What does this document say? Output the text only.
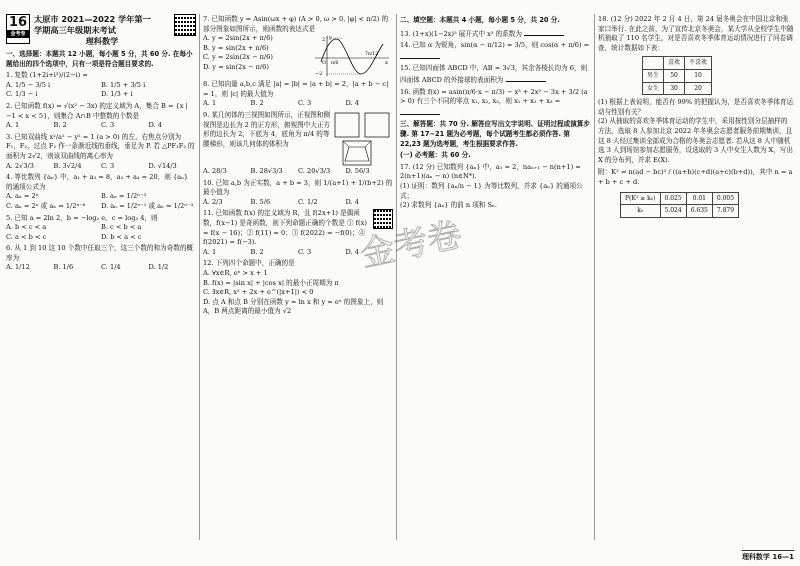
16
金考卷
太原市 2021—2022 学年第一
学期高三年级期末考试
理科数学
一、选择题：本题共 12 小题，每小题 5 分，共 60 分. 在每小题给出的四个选项中，只有一项是符合题目要求的.
1. 复数 (1+2i+i³)/(2−i) =
A. 1/5 − 3/5 i	B. 1/5 + 3/5 i
C. 1/3 − i	D. 1/3 + i
2. 已知函数 f(x) = √(x² − 3x) 的定义域为 A，集合 B = {x | −1 < x < 5}，则集合 A∩B 中整数的个数是
A. 1	B. 2	C. 3	D. 4
3. 已知双曲线 x²/a² − y² = 1 (a > 0) 的左、右焦点分别为 F₁，F₂，过点 F₂ 作一条渐近线的垂线，垂足为 P. 若 △PF₁F₂ 的面积为 2√2，则该双曲线的离心率为
A. 2√3/3	B. 3√2/4	C. 3	D. √14/3
4. 等比数列 {aₙ} 中，a₁ + a₃ = 8，a₂ + a₄ = 20，则 {aₙ} 的通项公式为
A. aₙ = 2ⁿ	B. aₙ = 1/2ⁿ⁻³
C. aₙ = 2ⁿ 或 aₙ = 1/2ⁿ⁻⁶	D. aₙ = 1/2ⁿ⁻¹ 或 aₙ = 1/2ⁿ⁻³
5. 已知 a = 2ln 2，b = −log₂ e，c = log₃ 4，则
A. b < c < a	B. c < b < a
C. a < b < c	D. b < a < c
6. 从 1 到 10 这 10 个数中任取三个，这三个数的和为奇数的概率为
A. 1/12	B. 1/6	C. 1/4	D. 1/2
7. 已知函数 y = Asin(ωx + φ) (A > 0, ω > 0, |φ| < π/2) 的部分图象如图所示，则函数的表达式是
A. y = 2sin(2x + π/6)
B. y = sin(2x + π/6)
C. y = 2sin(2x − π/6)
D. y = sin(2x − π/6)
2
−2
O π/6
7π/12
x
y
8. 已知向量 a,b,c 满足 |a| = |b| = |a + b| = 2，|a + b − c| = 1，则 |c| 的最大值为
A. 1	B. 2	C. 3	D. 4
9. 某几何体的三视图如图所示，正视图和侧视图是边长为 2 的正方形，俯视图中大正方形的边长为 2，下底为 4，底角为 π/4 的等腰梯形，则该几何体的体积为
A. 28/3	B. 28√3/3	C. 20√3/3	D. 56/3
10. 已知 a,b 为正实数，a + b = 3，则 1/(a+1) + 1/(b+2) 的最小值为
A. 2/3	B. 5/6	C. 1/2	D. 4
11. 已知函数 f(x) 的定义域为 R，且 f(2x+1) 是偶函数，f(x−1) 是奇函数，则下列命题正确的个数是 ① f(x) = f(x − 16)；② f(11) = 0；③ f(2022) = −f(0)；④ f(2021) = f(−3).
A. 1	B. 2	C. 3	D. 4
12. 下列四个命题中，正确的是
A. ∀x∈R, eˣ > x + 1
B. f(x) = |sin x| + |cos x| 的最小正周期为 π
C. ∃x∈R, x² + 2x + e^(|x+1|) < 0
D. 点 A 和点 B 分别在函数 y = ln x 和 y = eˣ 的图象上，则 A，B 两点距离的最小值为 √2
二、填空题：本题共 4 小题，每小题 5 分，共 20 分.
13. (1+x)(1−2x)⁵ 展开式中 x³ 的系数为
14. 已知 α 为锐角，sin(α − π/12) = 3/5，则 cos(α + π/6) =
15. 已知四面体 ABCD 中，AB = 3√3，其余各棱长均为 6，则四面体 ABCD 的外接球的表面积为
16. 函数 f(x) = asin(π/6·x − π/3) − x³ + 2x² − 3x + 3/2 (a > 0) 有三个不同的零点 x₁, x₂, x₃，则 x₁ + x₂ + x₃ =
三、解答题：共 70 分. 解答应写出文字说明、证明过程或演算步骤. 第 17~21 题为必考题，每个试题考生都必须作答. 第 22,23 题为选考题，考生根据要求作答.
(一) 必考题：共 60 分.
17. (12 分) 已知数列 {aₙ} 中，a₁ = 2，naₙ₊₁ − n(n+1) = 2(n+1)(aₙ − n) (n∈N*).
(1) 证明：数列 {aₙ/n − 1} 为等比数列，并求 {aₙ} 的通项公式；
(2) 求数列 {aₙ} 的前 n 项和 Sₙ.
18. (12 分) 2022 年 2 月 4 日，第 24 届冬奥会在中国北京和张家口举行. 在此之前，为了宣传北京冬奥会，某大学从全校学生中随机抽取了 110 名学生，对是否喜欢冬季体育运动情况进行了问卷调查，统计数据如下表：
	喜欢	不喜欢
男生	50	10
女生	30	20
(1) 根据上表说明，能否有 99% 的把握认为，是否喜欢冬季体育运动与性别有关？
(2) 从抽取的喜欢冬季体育运动的学生中，采用按性别分层抽样的方法，选取 8 人参加北京 2022 年冬奥会志愿者服务前期集训，且这 8 人经过集训全部成为合格的冬奥会志愿者. 若从这 8 人中随机选 3 人到场馆参加志愿服务，设选取的 3 人中女生人数为 X，写出 X 的分布列，并求 E(X).
附：K² = n(ad − bc)² / ((a+b)(c+d)(a+c)(b+d))，其中 n = a + b + c + d.
P(K² ≥ k₀)	0.025	0.01	0.005
k₀	5.024	6.635	7.879
金考卷
理科数学 16—1
